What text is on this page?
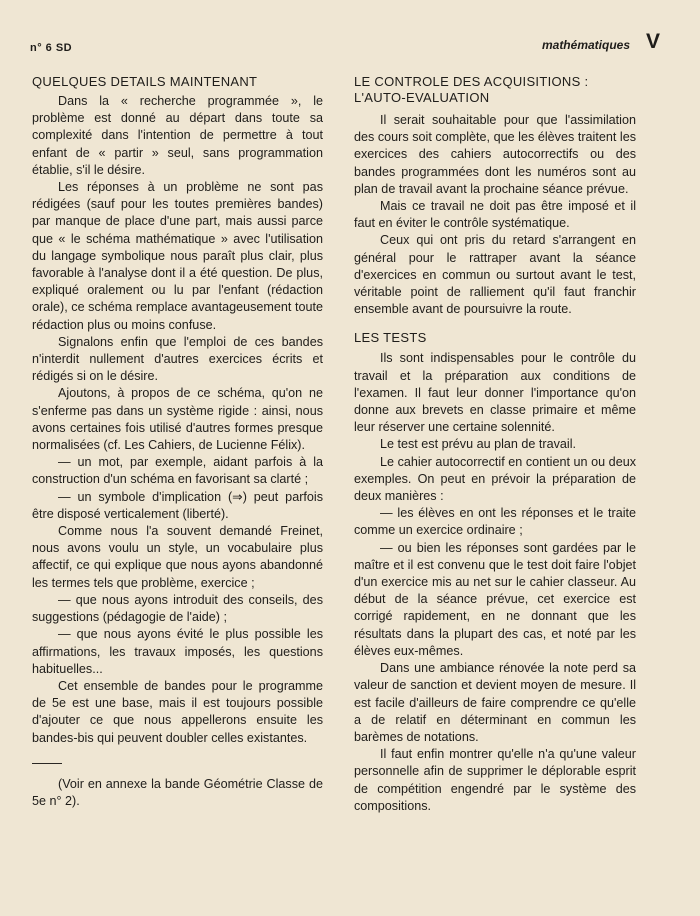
n° 6 SD	mathématiques V
QUELQUES DETAILS MAINTENANT

Dans la « recherche programmée », le problème est donné au départ dans toute sa complexité dans l'intention de permettre à tout enfant de « partir » seul, sans programmation établie, s'il le désire.

Les réponses à un problème ne sont pas rédigées (sauf pour les toutes premières bandes) par manque de place d'une part, mais aussi parce que « le schéma mathématique » avec l'utilisation du langage symbolique nous paraît plus clair, plus favorable à l'analyse dont il a été question. De plus, expliqué oralement ou lu par l'enfant (rédaction orale), ce schéma remplace avantageusement toute rédaction plus ou moins confuse.

Signalons enfin que l'emploi de ces bandes n'interdit nullement d'autres exercices écrits et rédigés si on le désire.

Ajoutons, à propos de ce schéma, qu'on ne s'enferme pas dans un système rigide : ainsi, nous avons certaines fois utilisé d'autres formes presque normalisées (cf. Les Cahiers, de Lucienne Félix).

— un mot, par exemple, aidant parfois à la construction d'un schéma en favorisant sa clarté ;

— un symbole d'implication (⇒) peut parfois être disposé verticalement (liberté).

Comme nous l'a souvent demandé Freinet, nous avons voulu un style, un vocabulaire plus affectif, ce qui explique que nous ayons abandonné les termes tels que problème, exercice ;

— que nous ayons introduit des conseils, des suggestions (pédagogie de l'aide) ;

— que nous ayons évité le plus possible les affirmations, les travaux imposés, les questions habituelles...

Cet ensemble de bandes pour le programme de 5e est une base, mais il est toujours possible d'ajouter ce que nous appellerons ensuite les bandes-bis qui peuvent doubler celles existantes.

(Voir en annexe la bande Géométrie Classe de 5e n° 2).

LE CONTROLE DES ACQUISITIONS :
L'AUTO-EVALUATION

Il serait souhaitable pour que l'assimilation des cours soit complète, que les élèves traitent les exercices des cahiers autocorrectifs ou des bandes programmées dont les numéros sont au plan de travail avant la prochaine séance prévue.

Mais ce travail ne doit pas être imposé et il faut en éviter le contrôle systématique.

Ceux qui ont pris du retard s'arrangent en général pour le rattraper avant la séance d'exercices en commun ou surtout avant le test, véritable point de ralliement qu'il faut franchir ensemble avant de poursuivre la route.

LES TESTS

Ils sont indispensables pour le contrôle du travail et la préparation aux conditions de l'examen. Il faut leur donner l'importance qu'on donne aux brevets en classe primaire et même leur réserver une certaine solennité.

Le test est prévu au plan de travail.

Le cahier autocorrectif en contient un ou deux exemples. On peut en prévoir la préparation de deux manières :

— les élèves en ont les réponses et le traite comme un exercice ordinaire ;

— ou bien les réponses sont gardées par le maître et il est convenu que le test doit faire l'objet d'un exercice mis au net sur le cahier classeur. Au début de la séance prévue, cet exercice est corrigé rapidement, en ne donnant que les résultats dans la plupart des cas, et noté par les élèves eux-mêmes.

Dans une ambiance rénovée la note perd sa valeur de sanction et devient moyen de mesure. Il est facile d'ailleurs de faire comprendre ce qu'elle a de relatif en déterminant en commun les barèmes de notations.

Il faut enfin montrer qu'elle n'a qu'une valeur personnelle afin de supprimer le déplorable esprit de compétition engendré par le système des compositions.
